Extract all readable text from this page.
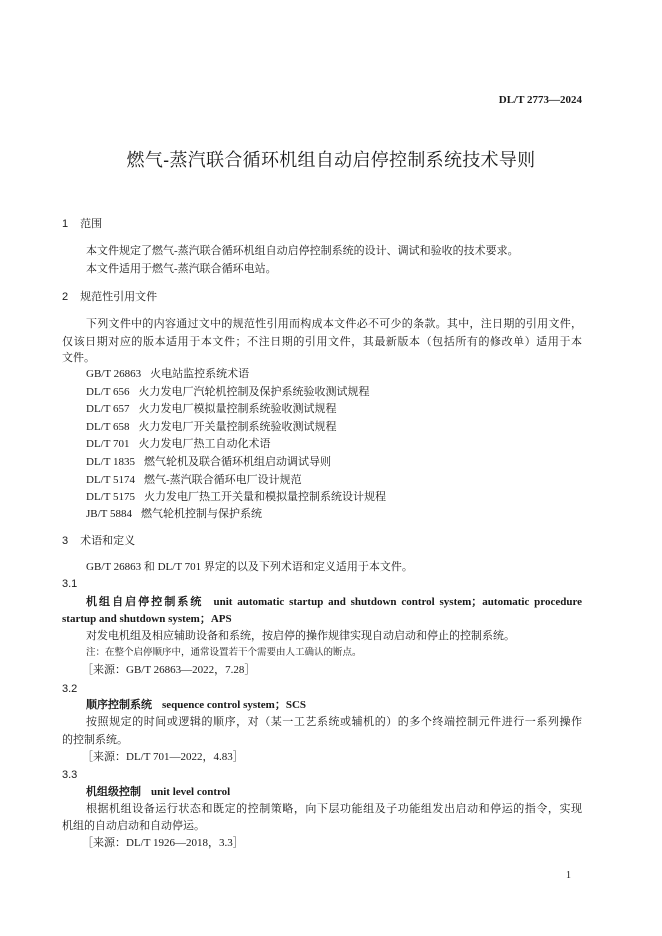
DL/T 2773—2024
燃气-蒸汽联合循环机组自动启停控制系统技术导则
1 范围
本文件规定了燃气-蒸汽联合循环机组自动启停控制系统的设计、调试和验收的技术要求。
本文件适用于燃气-蒸汽联合循环电站。
2 规范性引用文件
下列文件中的内容通过文中的规范性引用而构成本文件必不可少的条款。其中，注日期的引用文件，
仅该日期对应的版本适用于本文件；不注日期的引用文件，其最新版本（包括所有的修改单）适用于本
文件。
GB/T 26863 火电站监控系统术语
DL/T 656 火力发电厂汽轮机控制及保护系统验收测试规程
DL/T 657 火力发电厂模拟量控制系统验收测试规程
DL/T 658 火力发电厂开关量控制系统验收测试规程
DL/T 701 火力发电厂热工自动化术语
DL/T 1835 燃气轮机及联合循环机组启动调试导则
DL/T 5174 燃气-蒸汽联合循环电厂设计规范
DL/T 5175 火力发电厂热工开关量和模拟量控制系统设计规程
JB/T 5884 燃气轮机控制与保护系统
3 术语和定义
GB/T 26863 和 DL/T 701 界定的以及下列术语和定义适用于本文件。
3.1
机组自启停控制系统 unit automatic startup and shutdown control system；automatic procedure
startup and shutdown system；APS
对发电机组及相应辅助设备和系统，按启停的操作规律实现自动启动和停止的控制系统。
注：在整个启停顺序中，通常设置若干个需要由人工确认的断点。
［来源：GB/T 26863—2022，7.28］
3.2
顺序控制系统 sequence control system；SCS
按照规定的时间或逻辑的顺序，对（某一工艺系统或辅机的）的多个终端控制元件进行一系列操作
的控制系统。
［来源：DL/T 701—2022，4.83］
3.3
机组级控制 unit level control
根据机组设备运行状态和既定的控制策略，向下层功能组及子功能组发出启动和停运的指令，实现
机组的自动启动和自动停运。
［来源：DL/T 1926—2018，3.3］
1
